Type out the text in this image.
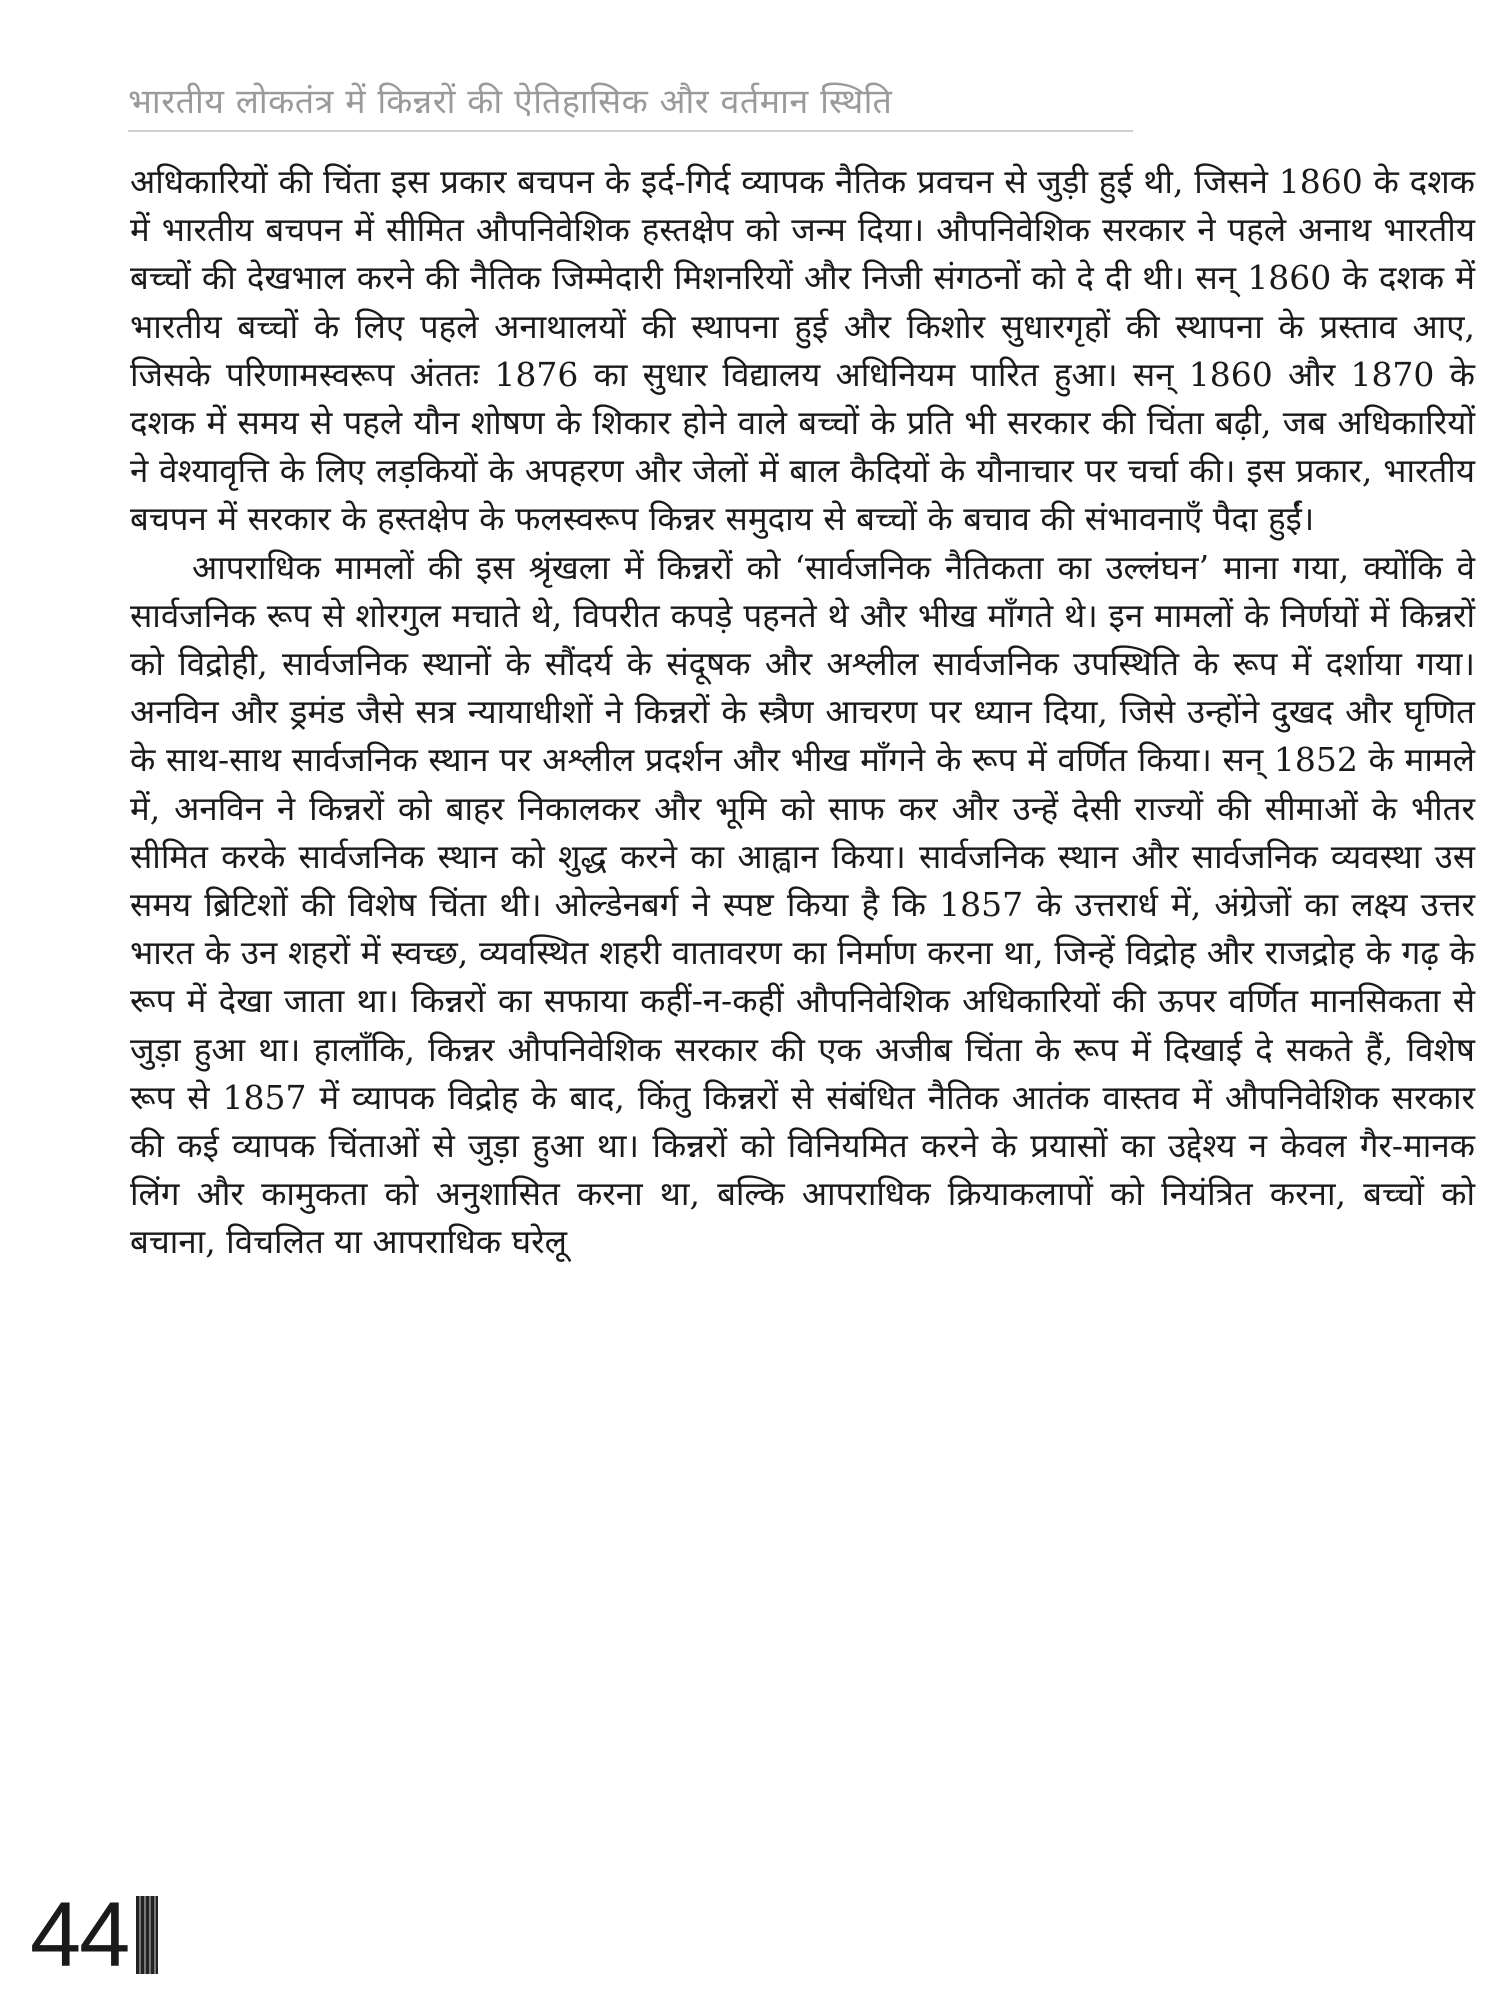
भारतीय लोकतंत्र में किन्नरों की ऐतिहासिक और वर्तमान स्थिति

अधिकारियों की चिंता इस प्रकार बचपन के इर्द-गिर्द व्यापक नैतिक प्रवचन से जुड़ी हुई थी, जिसने 1860 के दशक में भारतीय बचपन में सीमित औपनिवेशिक हस्तक्षेप को जन्म दिया। औपनिवेशिक सरकार ने पहले अनाथ भारतीय बच्चों की देखभाल करने की नैतिक जिम्मेदारी मिशनरियों और निजी संगठनों को दे दी थी। सन् 1860 के दशक में भारतीय बच्चों के लिए पहले अनाथालयों की स्थापना हुई और किशोर सुधारगृहों की स्थापना के प्रस्ताव आए, जिसके परिणामस्वरूप अंततः 1876 का सुधार विद्यालय अधिनियम पारित हुआ। सन् 1860 और 1870 के दशक में समय से पहले यौन शोषण के शिकार होने वाले बच्चों के प्रति भी सरकार की चिंता बढ़ी, जब अधिकारियों ने वेश्यावृत्ति के लिए लड़कियों के अपहरण और जेलों में बाल कैदियों के यौनाचार पर चर्चा की। इस प्रकार, भारतीय बचपन में सरकार के हस्तक्षेप के फलस्वरूप किन्नर समुदाय से बच्चों के बचाव की संभावनाएँ पैदा हुईं।

आपराधिक मामलों की इस श्रृंखला में किन्नरों को ‘सार्वजनिक नैतिकता का उल्लंघन’ माना गया, क्योंकि वे सार्वजनिक रूप से शोरगुल मचाते थे, विपरीत कपड़े पहनते थे और भीख माँगते थे। इन मामलों के निर्णयों में किन्नरों को विद्रोही, सार्वजनिक स्थानों के सौंदर्य के संदूषक और अश्लील सार्वजनिक उपस्थिति के रूप में दर्शाया गया। अनविन और ड्रमंड जैसे सत्र न्यायाधीशों ने किन्नरों के स्त्रैण आचरण पर ध्यान दिया, जिसे उन्होंने दुखद और घृणित के साथ-साथ सार्वजनिक स्थान पर अश्लील प्रदर्शन और भीख माँगने के रूप में वर्णित किया। सन् 1852 के मामले में, अनविन ने किन्नरों को बाहर निकालकर और भूमि को साफ कर और उन्हें देसी राज्यों की सीमाओं के भीतर सीमित करके सार्वजनिक स्थान को शुद्ध करने का आह्वान किया। सार्वजनिक स्थान और सार्वजनिक व्यवस्था उस समय ब्रिटिशों की विशेष चिंता थी। ओल्डेनबर्ग ने स्पष्ट किया है कि 1857 के उत्तरार्ध में, अंग्रेजों का लक्ष्य उत्तर भारत के उन शहरों में स्वच्छ, व्यवस्थित शहरी वातावरण का निर्माण करना था, जिन्हें विद्रोह और राजद्रोह के गढ़ के रूप में देखा जाता था। किन्नरों का सफाया कहीं-न-कहीं औपनिवेशिक अधिकारियों की ऊपर वर्णित मानसिकता से जुड़ा हुआ था। हालाँकि, किन्नर औपनिवेशिक सरकार की एक अजीब चिंता के रूप में दिखाई दे सकते हैं, विशेष रूप से 1857 में व्यापक विद्रोह के बाद, किंतु किन्नरों से संबंधित नैतिक आतंक वास्तव में औपनिवेशिक सरकार की कई व्यापक चिंताओं से जुड़ा हुआ था। किन्नरों को विनियमित करने के प्रयासों का उद्देश्य न केवल गैर-मानक लिंग और कामुकता को अनुशासित करना था, बल्कि आपराधिक क्रियाकलापों को नियंत्रित करना, बच्चों को बचाना, विचलित या आपराधिक घरेलू

44
